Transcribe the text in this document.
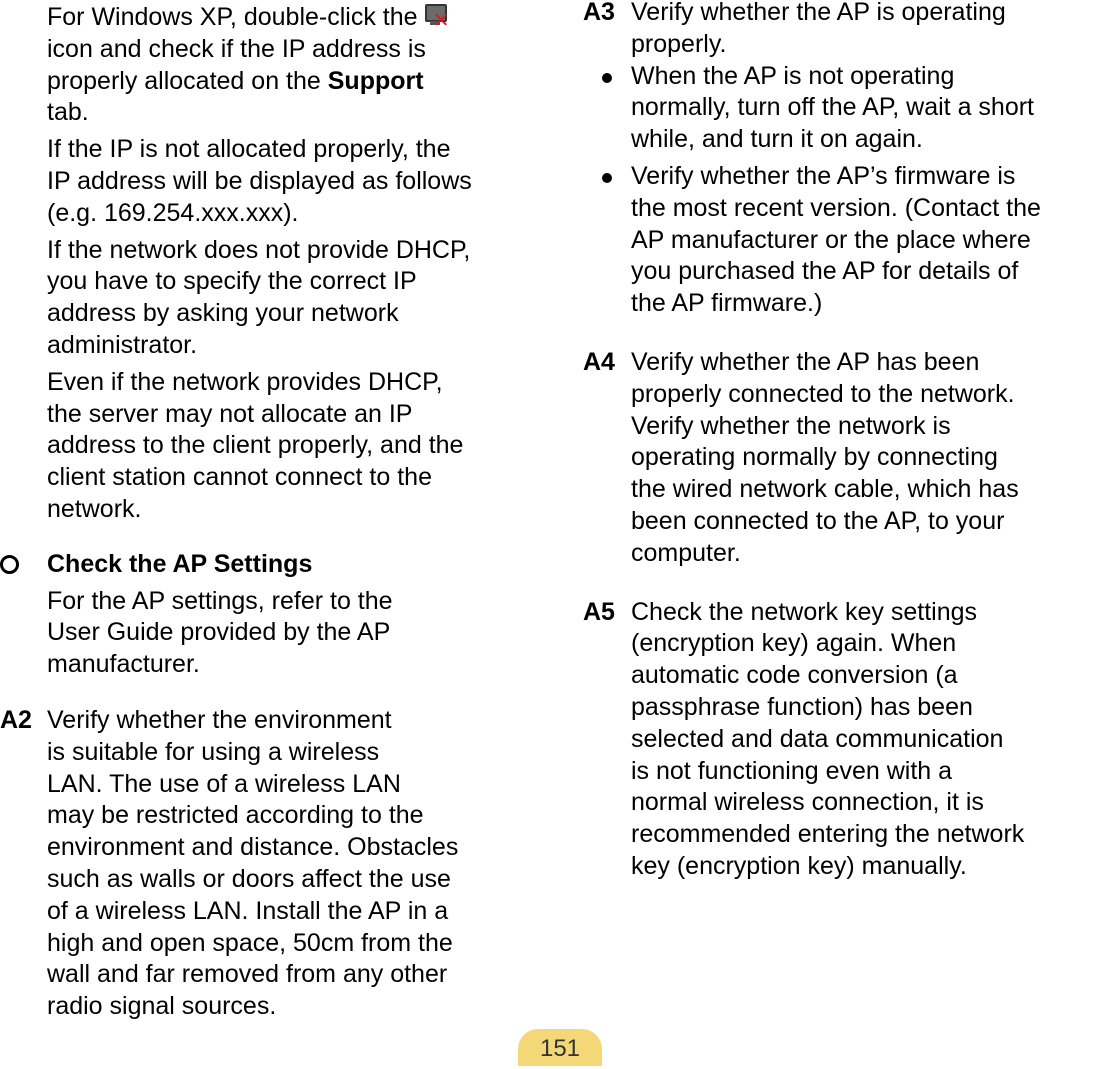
For Windows XP, double-click the ✕

icon and check if the IP address is
properly allocated on the Support
tab.

If the IP is not allocated properly, the
IP address will be displayed as follows
(e.g. 169.254.xxx.xxx).

If the network does not provide DHCP,
you have to specify the correct IP
address by asking your network
administrator.

Even if the network provides DHCP,
the server may not allocate an IP
address to the client properly, and the
client station cannot connect to the
network.

Check the AP Settings

For the AP settings, refer to the
User Guide provided by the AP
manufacturer.

A2 Verify whether the environment
is suitable for using a wireless
LAN. The use of a wireless LAN
may be restricted according to the
environment and distance. Obstacles
such as walls or doors affect the use
of a wireless LAN. Install the AP in a
high and open space, 50cm from the
wall and far removed from any other
radio signal sources.

A3 Verify whether the AP is operating
properly.

When the AP is not operating
normally, turn off the AP, wait a short
while, and turn it on again.

Verify whether the AP’s firmware is
the most recent version. (Contact the
AP manufacturer or the place where
you purchased the AP for details of
the AP firmware.)

A4 Verify whether the AP has been
properly connected to the network.
Verify whether the network is
operating normally by connecting
the wired network cable, which has
been connected to the AP, to your
computer.

A5 Check the network key settings
(encryption key) again. When
automatic code conversion (a
passphrase function) has been
selected and data communication
is not functioning even with a
normal wireless connection, it is
recommended entering the network
key (encryption key) manually.

151
